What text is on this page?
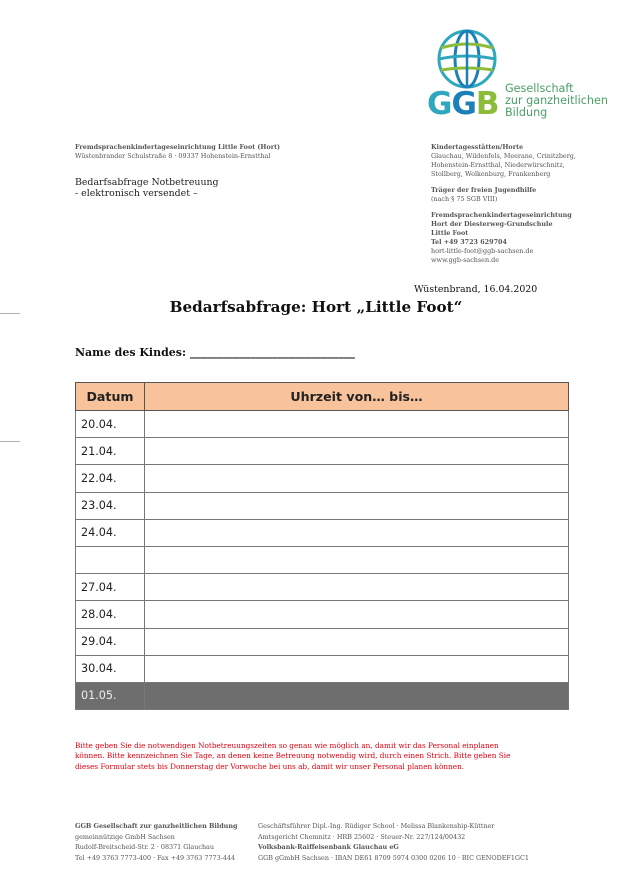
GGB Gesellschaft
zur ganzheitlichen
Bildung
Fremdsprachenkindertageseinrichtung Little Foot (Hort)
Wüstenbrander Schulstraße 8 · 09337 Hohenstein-Ernstthal
Bedarfsabfrage Notbetreuung
- elektronisch versendet –
Kindertagesstätten/Horte
Glauchau, Wildenfels, Meerane, Crinitzberg,
Hohenstein-Ernstthal, Niederwürschnitz,
Stollberg, Wolkenburg, Frankenberg
Träger der freien Jugendhilfe
(nach § 75 SGB VIII)
Fremdsprachenkindertageseinrichtung
Hort der Diesterweg-Grundschule
Little Foot
Tel +49 3723 629704
hort-little-foot@ggb-sachsen.de
www.ggb-sachsen.de
Wüstenbrand, 16.04.2020
Bedarfsabfrage: Hort „Little Foot“
Name des Kindes: ______________________________
Datum	Uhrzeit von… bis…
20.04.	
21.04.	
22.04.	
23.04.	
24.04.	

27.04.	
28.04.	
29.04.	
30.04.	
01.05.	
Bitte geben Sie die notwendigen Notbetreuungszeiten so genau wie möglich an, damit wir das Personal einplanen
können. Bitte kennzeichnen Sie Tage, an denen keine Betreuung notwendig wird, durch einen Strich. Bitte geben Sie
dieses Formular stets bis Donnerstag der Vorwoche bei uns ab, damit wir unser Personal planen können.
GGB Gesellschaft zur ganzheitlichen Bildung
gemeinnützige GmbH Sachsen
Rudolf-Breitscheid-Str. 2 · 08371 Glauchau
Tel +49 3763 7773-400 · Fax +49 3763 7773-444
Geschäftsführer Dipl.-Ing. Rüdiger School · Melissa Blankenship-Küttner
Amtsgericht Chemnitz · HRB 25602 · Steuer-Nr. 227/124/00432
Volksbank-Raiffeisenbank Glauchau eG
GGB gGmbH Sachsen · IBAN DE61 8709 5974 0300 0206 10 · BIC GENODEF1GC1
